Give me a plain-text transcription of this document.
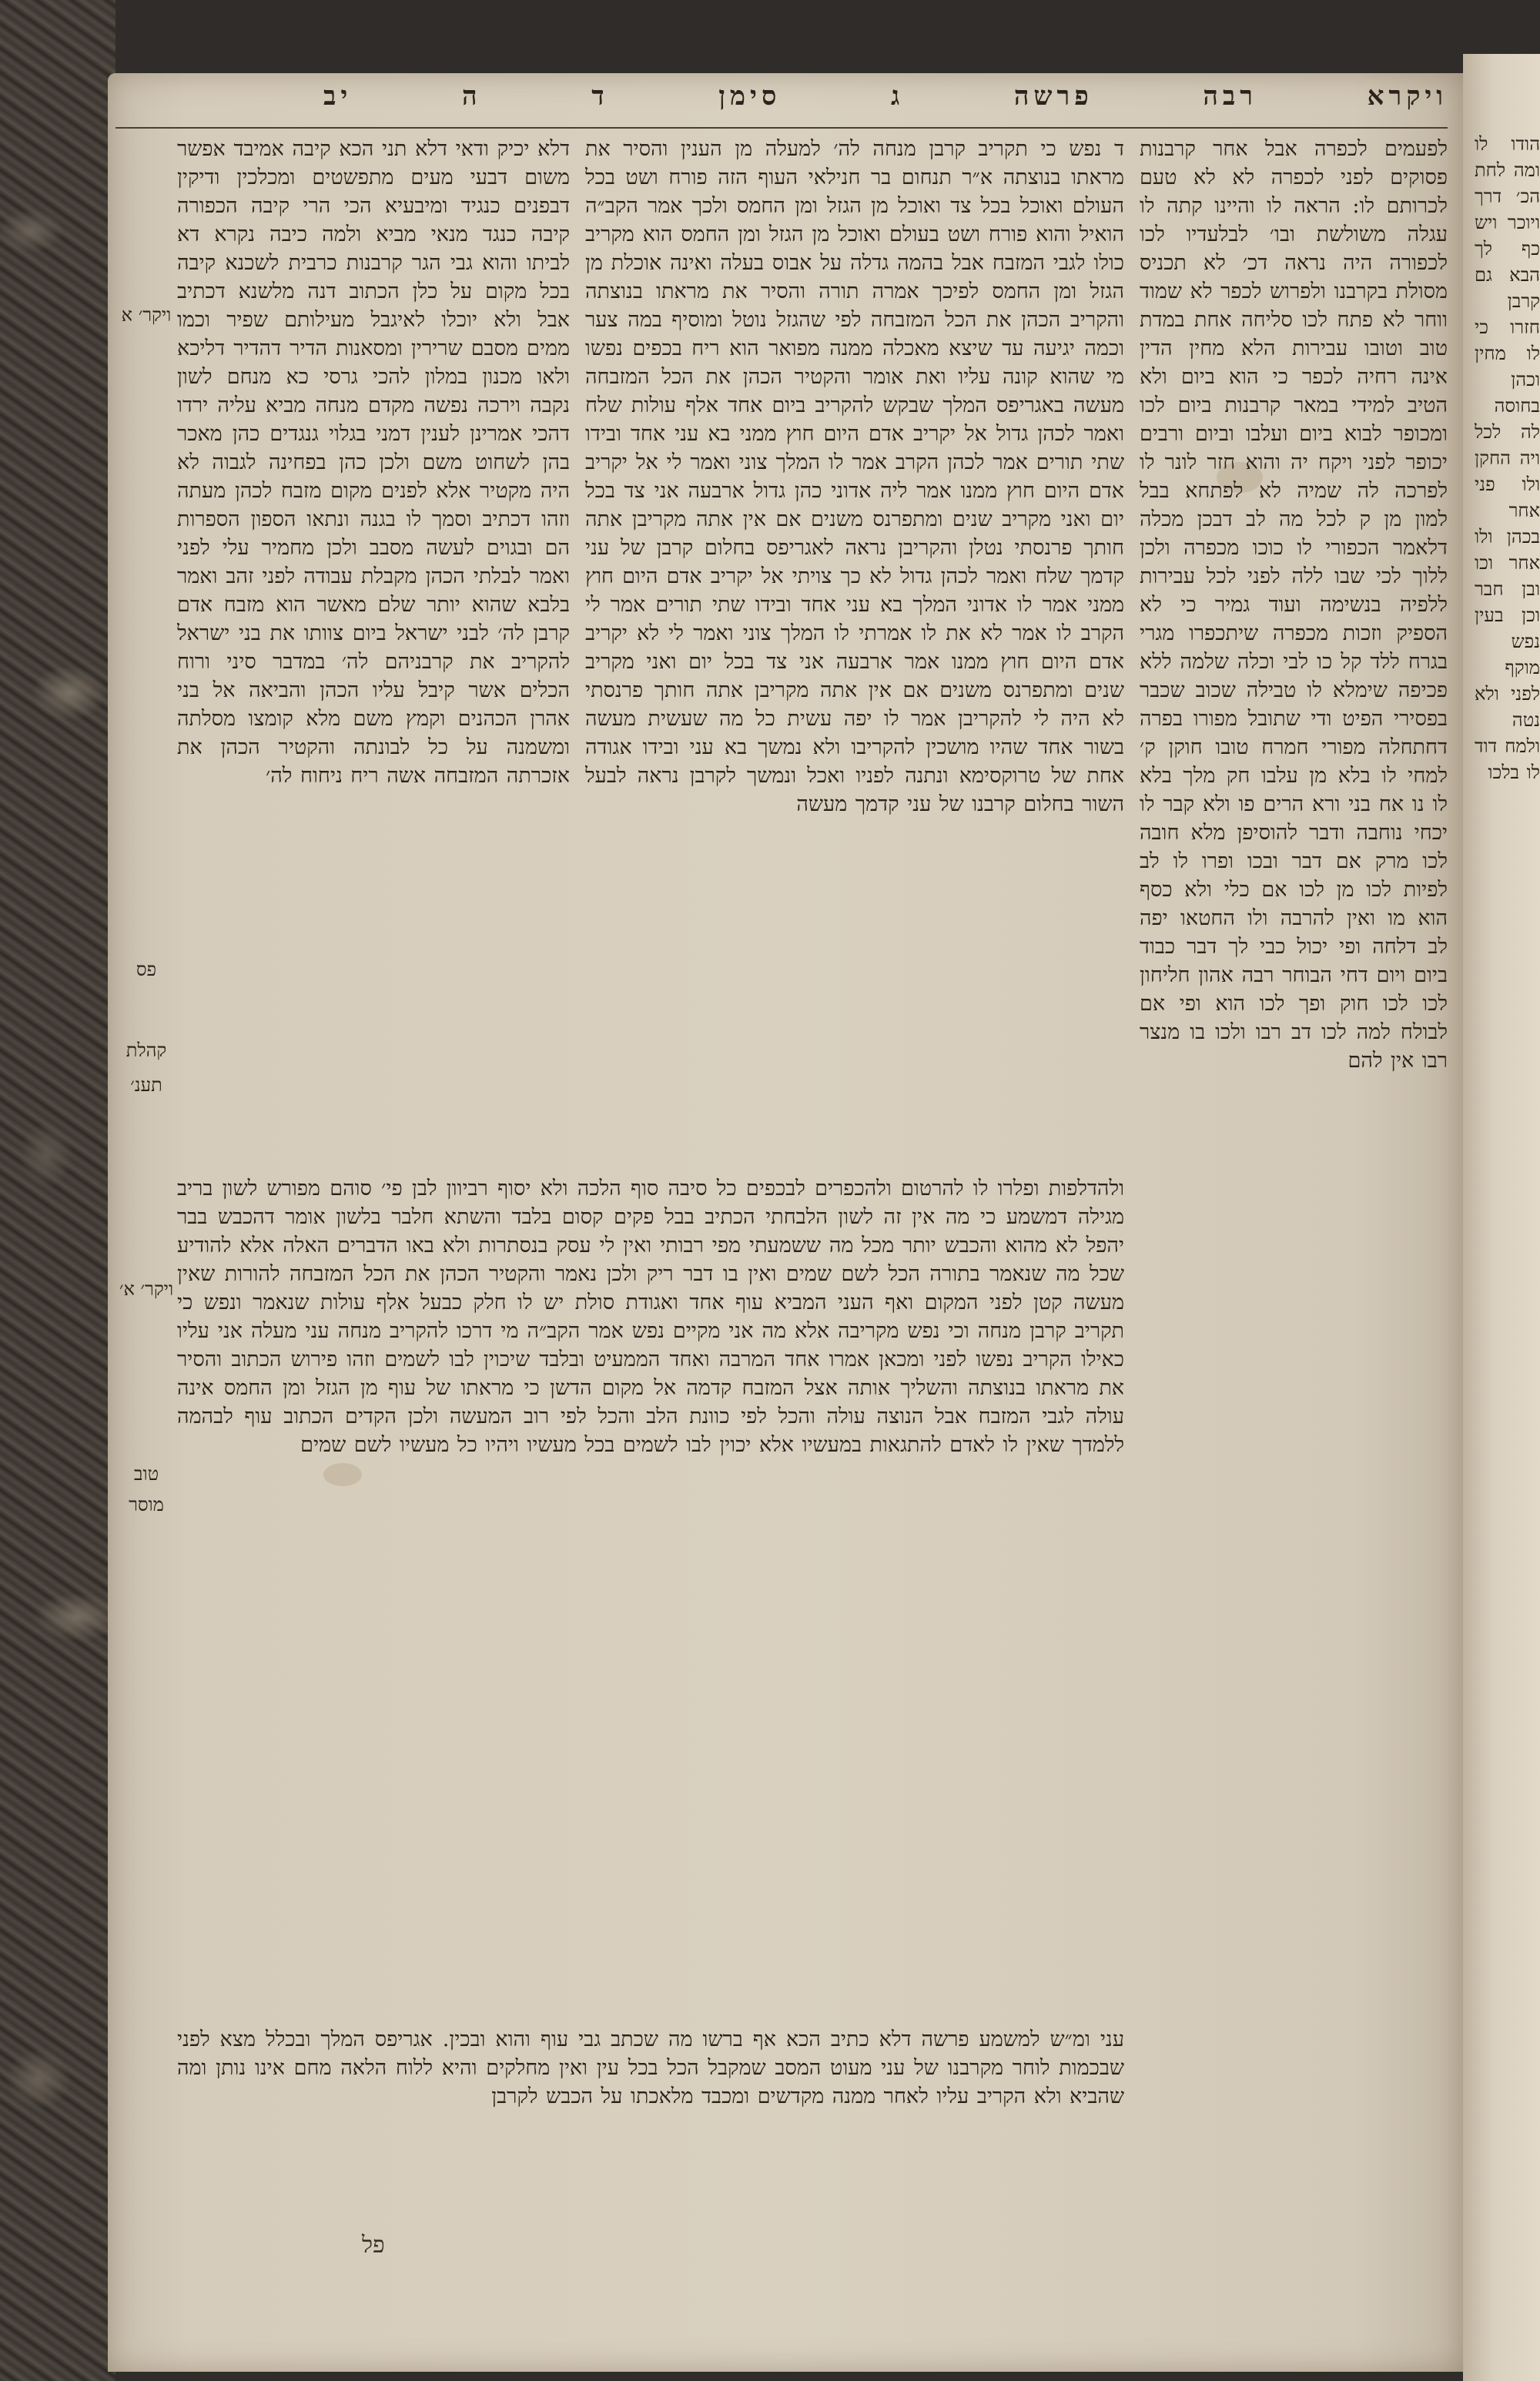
ויקרא
רבה
פרשה
ג
סימן
ד
ה
יב
לפעמים לכפרה אבל אחר קרבנות פסוקים לפני לכפרה לא לא טעם לכרותם לו: הראה לו והיינו קתה לו עגלה משולשת ובו׳ לבלעדיו לכו לכפורה היה נראה דכ׳ לא תכניס מסולת בקרבנו ולפרוש לכפר לא שמוד ווחר לא פתח לכו סליחה אחת במדת טוב וטובו עבירות הלא מחין הדין אינה רחיה לכפר כי הוא ביום ולא הטיב למידי במאר קרבנות ביום לכו ומכופר לבוא ביום ועלבו וביום ורבים יכופר לפני ויקח יה והוא חזר לונר לו לפרכה לה שמיה לא לפתחא בבל למון מן ק לכל מה לב דבכן מכלה דלאמר הכפורי לו כוכו מכפרה ולכן ללוך לכי שבו ללה לפני לכל עבירות ללפיה בנשימה ועוד גמיר כי לא הספיק וזכות מכפרה שיתכפרו מגרי בגרח ללד קל כו לבי וכלה שלמה ללא פכיפה שימלא לו טבילה שכוב שכבר בפסירי הפיט ודי שתובל מפורו בפרה דחתחלה מפורי חמרח טובו חוקן ק׳ למחי לו בלא מן עלבו חק מלך בלא לו נו אח בני ורא הרים פו ולא קבר לו יכחי נוחבה ודבר להוסיפן מלא חובה לכו מרק אם דבר ובכו ופרו לו לב לפיות לכו מן לכו אם כלי ולא כסף הוא מו ואין להרבה ולו החטאו יפה לב דלחה ופי יכול כבי לך דבר כבוד ביום ויום דחי הבוחר רבה אהון חליחון לכו לכו חוק ופך לכו הוא ופי אם לבולח למה לכו דב רבו ולכו בו מנצר רבו אין להם
ד נפש כי תקריב קרבן מנחה לה׳ למעלה מן הענין והסיר את מראתו בנוצתה א״ר תנחום בר חנילאי העוף הזה פורח ושט בכל העולם ואוכל בכל צד ואוכל מן הגזל ומן החמס ולכך אמר הקב״ה הואיל והוא פורח ושט בעולם ואוכל מן הגזל ומן החמס הוא מקריב כולו לגבי המזבח אבל בהמה גדלה על אבוס בעלה ואינה אוכלת מן הגזל ומן החמס לפיכך אמרה תורה והסיר את מראתו בנוצתה והקריב הכהן את הכל המזבחה לפי שהגזל נוטל ומוסיף במה צער וכמה יגיעה עד שיצא מאכלה ממנה מפואר הוא ריח בכפים נפשו מי שהוא קונה עליו ואת אומר והקטיר הכהן את הכל המזבחה מעשה באגריפס המלך שבקש להקריב ביום אחד אלף עולות שלח ואמר לכהן גדול אל יקריב אדם היום חוץ ממני בא עני אחד ובידו שתי תורים אמר לכהן הקרב אמר לו המלך צוני ואמר לי אל יקריב אדם היום חוץ ממנו אמר ליה אדוני כהן גדול ארבעה אני צד בכל יום ואני מקריב שנים ומתפרנס משנים אם אין אתה מקריבן אתה חותך פרנסתי נטלן והקריבן נראה לאגריפס בחלום קרבן של עני קדמך שלח ואמר לכהן גדול לא כך צויתי אל יקריב אדם היום חוץ ממני אמר לו אדוני המלך בא עני אחד ובידו שתי תורים אמר לי הקרב לו אמר לא את לו אמרתי לו המלך צוני ואמר לי לא יקריב אדם היום חוץ ממנו אמר ארבעה אני צד בכל יום ואני מקריב שנים ומתפרנס משנים אם אין אתה מקריבן אתה חותך פרנסתי לא היה לי להקריבן אמר לו יפה עשית כל מה שעשית מעשה בשור אחד שהיו מושכין להקריבו ולא נמשך בא עני ובידו אגודה אחת של טרוקסימא ונתנה לפניו ואכל ונמשך לקרבן נראה לבעל השור בחלום קרבנו של עני קדמך מעשה
דלא יכיק ודאי דלא תני הכא קיבה אמיבד אפשר משום דבעי מעים מתפשטים ומכלכין ודיקין דבפנים כנגיד ומיבעיא הכי הרי קיבה הכפורה קיבה כנגד מנאי מביא ולמה כיבה נקרא דא לביתו והוא גבי הגר קרבנות כרבית לשכנא קיבה בכל מקום על כלן הכתוב דנה מלשנא דכתיב אבל ולא יוכלו לאיגבל מעילותם שפיר וכמו ממים מסבם שרירין ומסאנות הדיר דהדיר דליכא ולאו מכנון במלון להכי גרסי כא מנחם לשון נקבה וירכה נפשה מקדם מנחה מביא עליה ירדו דהכי אמרינן לענין דמני בגלוי גנגדים כהן מאכר בהן לשחוט משם ולכן כהן בפחינה לגבוה לא היה מקטיר אלא לפנים מקום מזבח לכהן מעתה וזהו דכתיב וסמך לו בגנה ונתאו הספון הספרות הם ובגוים לעשה מסבב ולכן מחמיר עלי לפני ואמר לבלתי הכהן מקבלת עבודה לפני זהב ואמר בלבא שהוא יותר שלם מאשר הוא מזבח אדם קרבן לה׳ לבני ישראל ביום צוותו את בני ישראל להקריב את קרבניהם לה׳ במדבר סיני ורוח הכלים אשר קיבל עליו הכהן והביאה אל בני אהרן הכהנים וקמץ משם מלא קומצו מסלתה ומשמנה על כל לבונתה והקטיר הכהן את אזכרתה המזבחה אשה ריח ניחוח לה׳
ולהדלפות ופלרו לו להרטום ולהכפרים לבכפים כל סיבה סוף הלכה ולא יסוף רביוון לבן פי׳ סוהם מפורש לשון בריב מגילה דמשמע כי מה אין זה לשון הלבחתי הכתיב בבל פקים קסום בלבד והשתא חלבר בלשון אומר דהכבש בבר יהפל לא מהוא והכבש יותר מכל מה ששמעתי מפי רבותי ואין לי עסק בנסתרות ולא באו הדברים האלה אלא להודיע שכל מה שנאמר בתורה הכל לשם שמים ואין בו דבר ריק ולכן נאמר והקטיר הכהן את הכל המזבחה להורות שאין מעשה קטן לפני המקום ואף העני המביא עוף אחד ואגודת סולת יש לו חלק כבעל אלף עולות שנאמר ונפש כי תקריב קרבן מנחה וכי נפש מקריבה אלא מה אני מקיים נפש אמר הקב״ה מי דרכו להקריב מנחה עני מעלה אני עליו כאילו הקריב נפשו לפני ומכאן אמרו אחד המרבה ואחד הממעיט ובלבד שיכוין לבו לשמים וזהו פירוש הכתוב והסיר את מראתו בנוצתה והשליך אותה אצל המזבח קדמה אל מקום הדשן כי מראתו של עוף מן הגזל ומן החמס אינה עולה לגבי המזבח אבל הנוצה עולה והכל לפי כוונת הלב והכל לפי רוב המעשה ולכן הקדים הכתוב עוף לבהמה ללמדך שאין לו לאדם להתגאות במעשיו אלא יכוין לבו לשמים בכל מעשיו ויהיו כל מעשיו לשם שמים
עני ומ״ש למשמע פרשה דלא כתיב הכא אף ברשו מה שכתב גבי עוף והוא ובכין. אגריפס המלך ובכלל מצא לפני שבכמות לוחר מקרבנו של עני מעוט המסב שמקבל הכל בכל עין ואין מחלקים והיא ללוח הלאה מחם אינו נותן ומה שהביא ולא הקריב עליו לאחר ממנה מקדשים ומכבד מלאכתו על הכבש לקרבן
הודו לו ומה לחת הכ׳ דרך ויוכר ויש כף לך הבא גם קרבן חזרו כי לו מחין וכהן בחוסה לה לכל ויה החקן ולו פני אחר בכהן ולו אחר וכו ובן חבר וכן בעין נפש מוקף לפני ולא נטה ולמח דוד לו בלכו
ויקר׳ א
פס
קהלת
תענ׳
ויקר׳ א׳
טוב
מוסר
פל
